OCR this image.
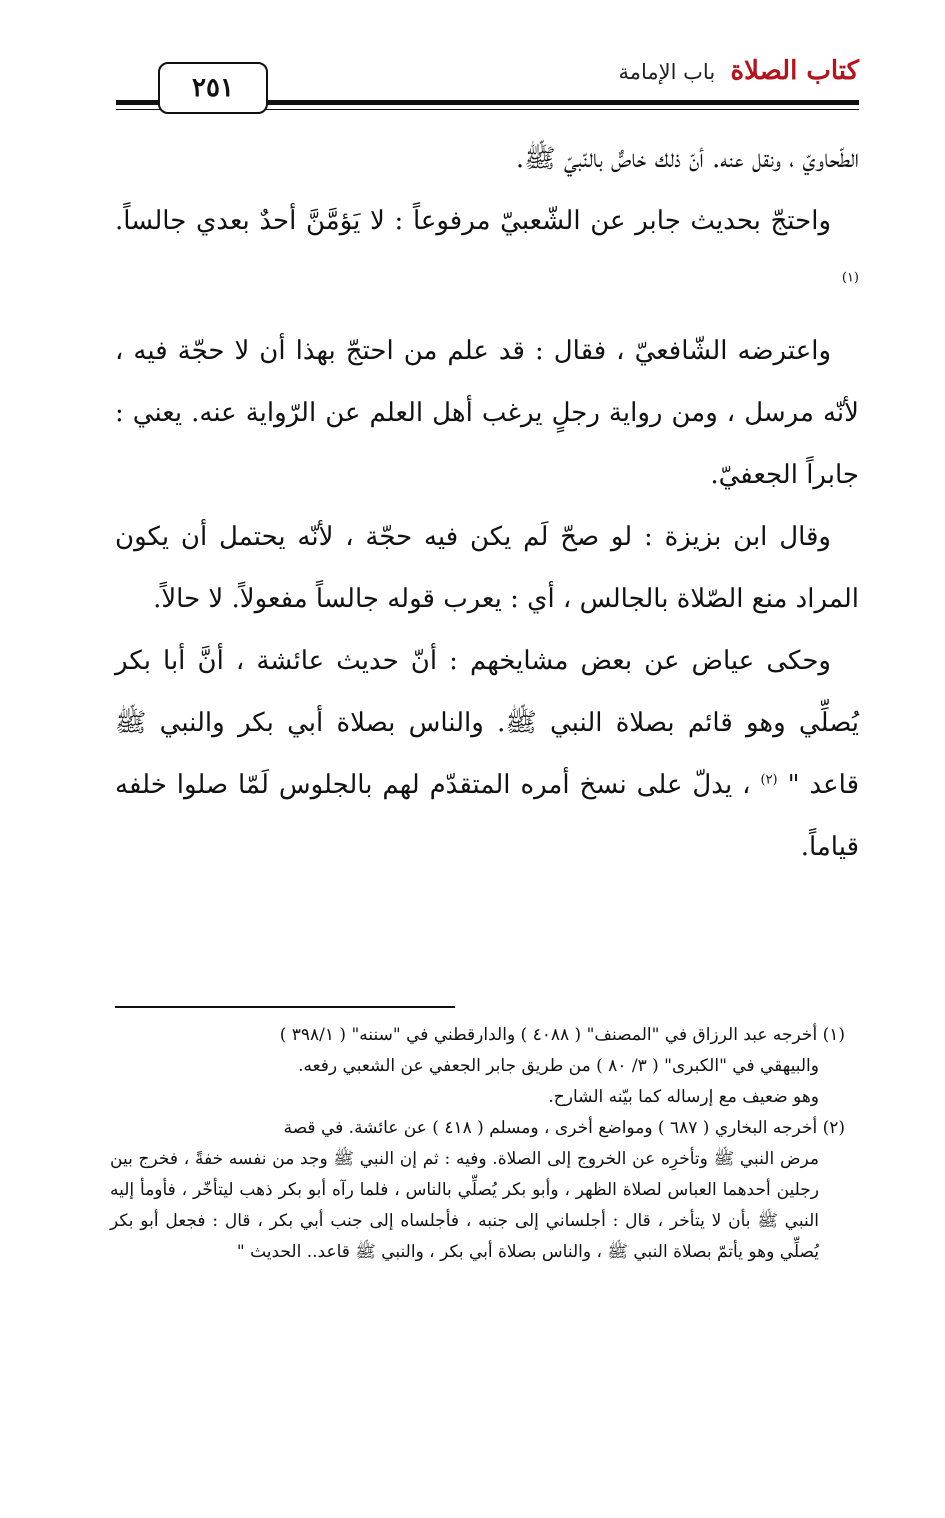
كتاب الصلاة باب الإمامة
٢٥١

الطّحاويّ ، ونقل عنه. أنّ ذلك خاصٌّ بالنّبيّ ﷺ.

واحتجّ بحديث جابر عن الشّعبيّ مرفوعاً : لا يَؤمَّنَّ أحدٌ بعدي جالساً.$^{(١)}$

واعترضه الشّافعيّ ، فقال : قد علم من احتجّ بهذا أن لا حجّة فيه ، لأنّه مرسل ، ومن رواية رجلٍ يرغب أهل العلم عن الرّواية عنه. يعني : جابراً الجعفيّ.

وقال ابن بزيزة : لو صحّ لَم يكن فيه حجّة ، لأنّه يحتمل أن يكون المراد منع الصّلاة بالجالس ، أي : يعرب قوله جالساً مفعولاً. لا حالاً.

وحكى عياض عن بعض مشايخهم : أنّ حديث عائشة ، أنَّ أبا بكر يُصلِّي وهو قائم بصلاة النبي ﷺ. والناس بصلاة أبي بكر والنبي ﷺ قاعد " $^{(٢)}$ ، يدلّ على نسخ أمره المتقدّم لهم بالجلوس لَمّا صلوا خلفه قياماً.

(١) أخرجه عبد الرزاق في "المصنف" ( ٤٠٨٨ ) والدارقطني في "سننه" ( ٣٩٨/١ )

والبيهقي في "الكبرى" ( ٣/ ٨٠ ) من طريق جابر الجعفي عن الشعبي رفعه.

وهو ضعيف مع إرساله كما بيّنه الشارح.

(٢) أخرجه البخاري ( ٦٨٧ ) ومواضع أخرى ، ومسلم ( ٤١٨ ) عن عائشة. في قصة

مرض النبي ﷺ وتأخرِه عن الخروج إلى الصلاة. وفيه : ثم إن النبي ﷺ وجد من نفسه خفةً ، فخرج بين رجلين أحدهما العباس لصلاة الظهر ، وأبو بكر يُصلِّي بالناس ، فلما رآه أبو بكر ذهب ليتأخّر ، فأومأ إليه النبي ﷺ بأن لا يتأخر ، قال : أجلساني إلى جنبه ، فأجلساه إلى جنب أبي بكر ، قال : فجعل أبو بكر يُصلِّي وهو يأتمّ بصلاة النبي ﷺ ، والناس بصلاة أبي بكر ، والنبي ﷺ قاعد.. الحديث "
